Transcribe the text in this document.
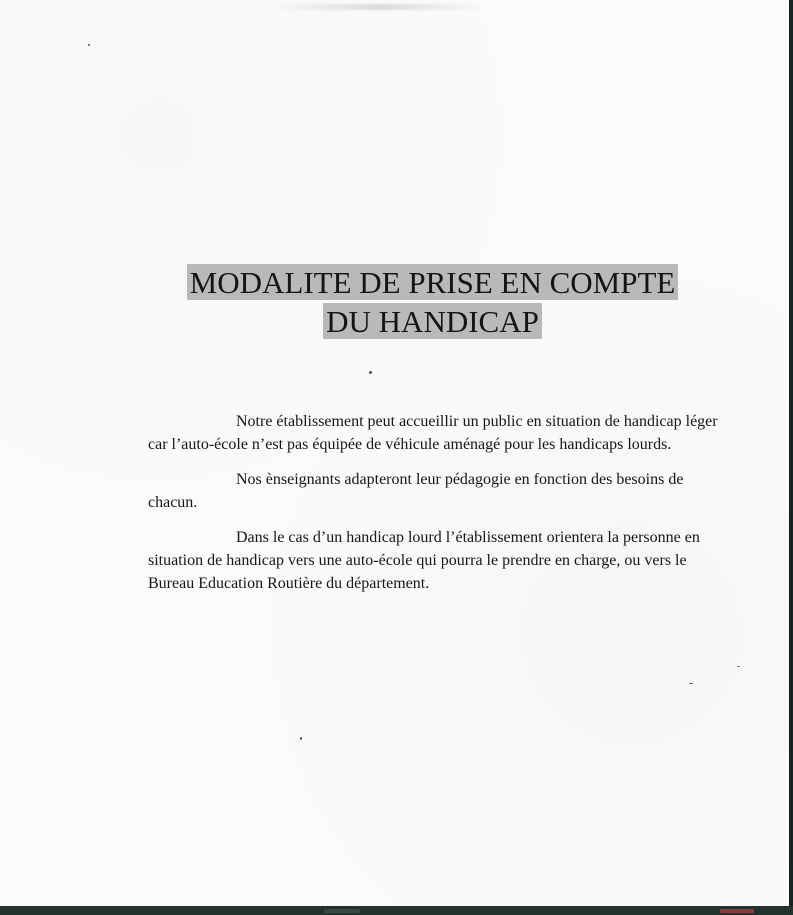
MODALITE DE PRISE EN COMPTE
DU HANDICAP

Notre établissement peut accueillir un public en situation de handicap léger car l’auto-école n’est pas équipée de véhicule aménagé pour les handicaps lourds.

Nos ènseignants adapteront leur pédagogie en fonction des besoins de chacun.

Dans le cas d’un handicap lourd l’établissement orientera la personne en situation de handicap vers une auto-école qui pourra le prendre en charge, ou vers le Bureau Education Routière du département.
